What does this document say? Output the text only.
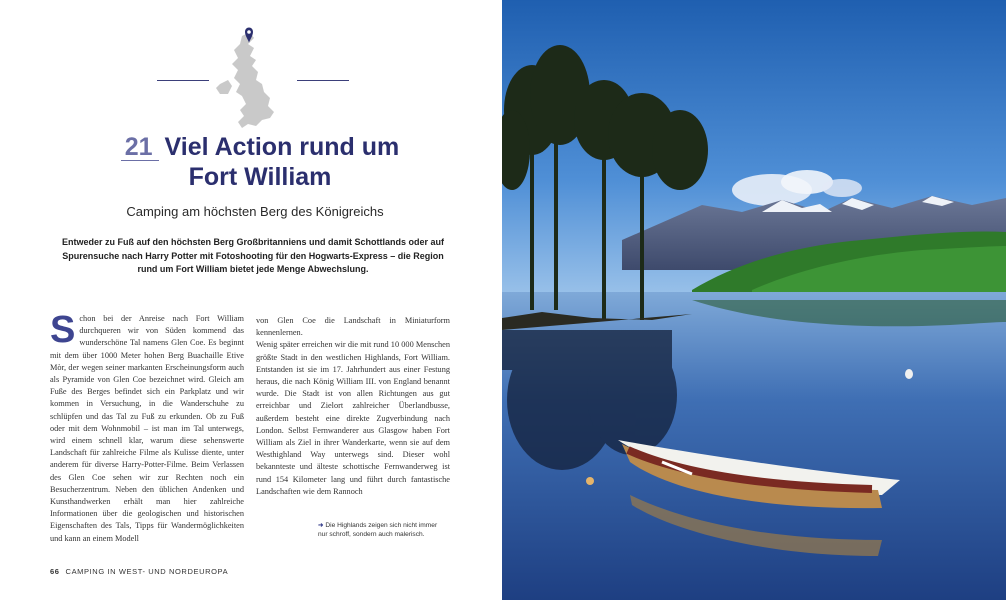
21 Viel Action rund um
Fort William
Camping am höchsten Berg des Königreichs
Entweder zu Fuß auf den höchsten Berg Großbritanniens und damit Schottlands oder auf Spurensuche nach Harry Potter mit Fotoshooting für den Hogwarts-Express – die Region rund um Fort William bietet jede Menge Abwechslung.
S chon bei der Anreise nach Fort William durchqueren wir von Süden kommend das wunderschöne Tal namens Glen Coe. Es beginnt mit dem über 1000 Meter hohen Berg Buachaille Etive Mòr, der wegen seiner markanten Erscheinungsform auch als Pyramide von Glen Coe bezeichnet wird. Gleich am Fuße des Berges befindet sich ein Parkplatz und wir kommen in Versuchung, in die Wanderschuhe zu schlüpfen und das Tal zu Fuß zu erkunden. Ob zu Fuß oder mit dem Wohnmobil – ist man im Tal unterwegs, wird einem schnell klar, warum diese sehenswerte Landschaft für zahlreiche Filme als Kulisse diente, unter anderem für diverse Harry-Potter-Filme. Beim Verlassen des Glen Coe sehen wir zur Rechten noch ein Besucherzentrum. Neben den üblichen Andenken und Kunsthandwerken erhält man hier zahlreiche Informationen über die geologischen und historischen Eigenschaften des Tals, Tipps für Wandermöglichkeiten und kann an einem Modell

von Glen Coe die Landschaft in Miniaturform kennenlernen.

Wenig später erreichen wir die mit rund 10 000 Menschen größte Stadt in den westlichen Highlands, Fort William. Entstanden ist sie im 17. Jahrhundert aus einer Festung heraus, die nach König William III. von England benannt wurde. Die Stadt ist von allen Richtungen aus gut erreichbar und Zielort zahlreicher Überlandbusse, außerdem besteht eine direkte Zugverbindung nach London. Selbst Fernwanderer aus Glasgow haben Fort William als Ziel in ihrer Wanderkarte, wenn sie auf dem Westhighland Way unterwegs sind. Dieser wohl bekannteste und älteste schottische Fernwanderweg ist rund 154 Kilometer lang und führt durch fantastische Landschaften wie dem Rannoch

➜ Die Highlands zeigen sich nicht immer nur schroff, sondern auch malerisch.
66 CAMPING IN WEST- UND NORDEUROPA
